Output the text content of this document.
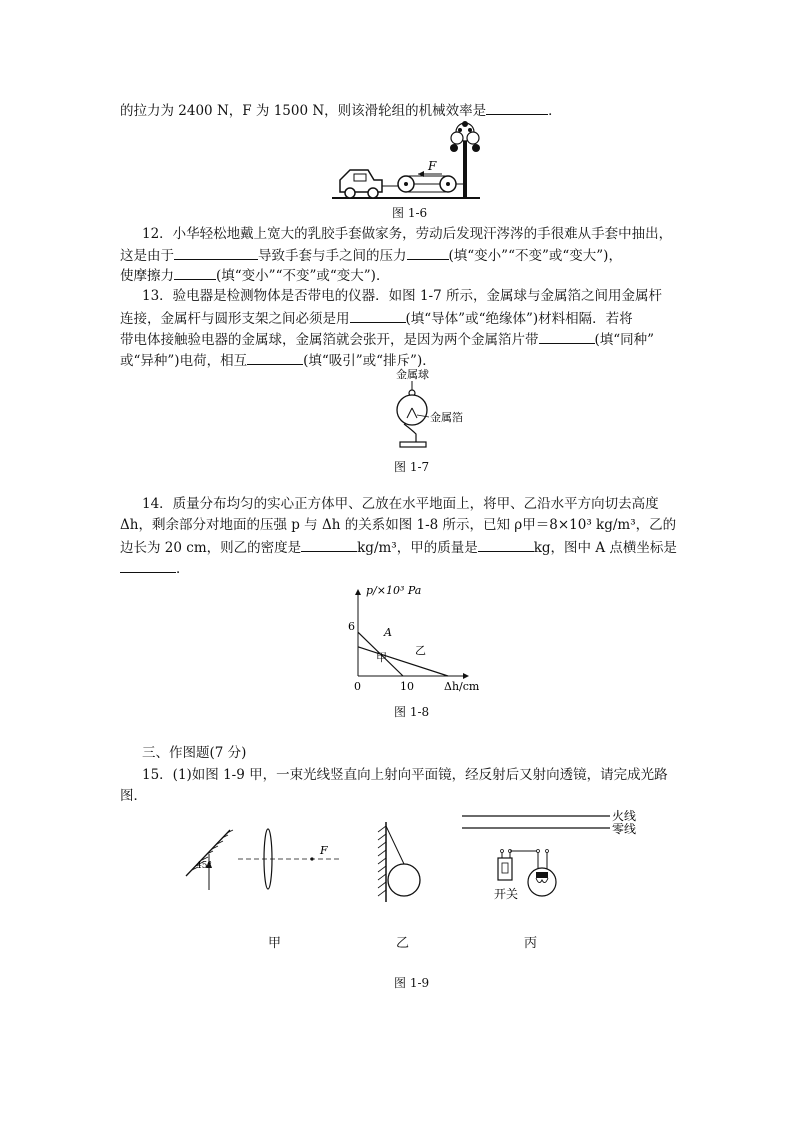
的拉力为 2400 N，F 为 1500 N，则该滑轮组的机械效率是	．
F
图 1-6
12．小华轻松地戴上宽大的乳胶手套做家务，劳动后发现汗涔涔的手很难从手套中抽出，
这是由于	导致手套与手之间的压力	(填“变小”“不变”或“变大”)，
使摩擦力	(填“变小”“不变”或“变大”)．
13．验电器是检测物体是否带电的仪器．如图 1-7 所示，金属球与金属箔之间用金属杆
连接，金属杆与圆形支架之间必须是用	(填“导体”或“绝缘体”)材料相隔．若将
带电体接触验电器的金属球，金属箔就会张开，是因为两个金属箔片带	(填“同种”
或“异种”)电荷，相互	(填“吸引”或“排斥”)．
金属球
金属箔
图 1-7
14．质量分布均匀的实心正方体甲、乙放在水平地面上，将甲、乙沿水平方向切去高度
Δh，剩余部分对地面的压强 p 与 Δh 的关系如图 1-8 所示，已知 ρ甲＝8×10³ kg/m³，乙的
边长为 20 cm，则乙的密度是	kg/m³，甲的质量是	kg，图中 A 点横坐标是
．
p/×10³ Pa
Δh/cm
6
0	10
A
甲
乙
图 1-8
三、作图题(7 分)
15．(1)如图 1-9 甲，一束光线竖直向上射向平面镜，经反射后又射向透镜，请完成光路
图．
45°
F
火线
零线
开关
甲	乙	丙
图 1-9
